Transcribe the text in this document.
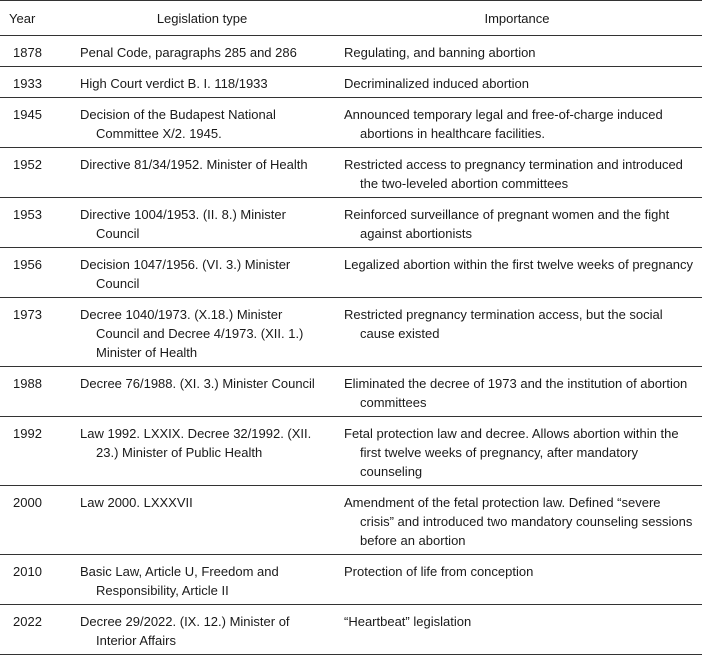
Year	Legislation type	Importance
1878	Penal Code, paragraphs 285 and 286	Regulating, and banning abortion

1933	High Court verdict B. I. 118/1933	Decriminalized induced abortion

1945	Decision of the Budapest National Committee X/2. 1945.	Announced temporary legal and free-of-charge induced abortions in healthcare facilities.

1952	Directive 81/34/1952. Minister of Health	Restricted access to pregnancy termination and introduced the two-leveled abortion committees

1953	Directive 1004/1953. (II. 8.) Minister Council	Reinforced surveillance of pregnant women and the fight against abortionists

1956	Decision 1047/1956. (VI. 3.) Minister Council	Legalized abortion within the first twelve weeks of pregnancy

1973	Decree 1040/1973. (X.18.) Minister Council and Decree 4/1973. (XII. 1.) Minister of Health	Restricted pregnancy termination access, but the social cause existed

1988	Decree 76/1988. (XI. 3.) Minister Council	Eliminated the decree of 1973 and the institution of abortion committees

1992	Law 1992. LXXIX. Decree 32/1992. (XII. 23.) Minister of Public Health	Fetal protection law and decree. Allows abortion within the first twelve weeks of pregnancy, after mandatory counseling

2000	Law 2000. LXXXVII	Amendment of the fetal protection law. Defined “severe crisis” and introduced two mandatory counseling sessions before an abortion

2010	Basic Law, Article U, Freedom and Responsibility, Article II	Protection of life from conception

2022	Decree 29/2022. (IX. 12.) Minister of Interior Affairs	“Heartbeat” legislation
